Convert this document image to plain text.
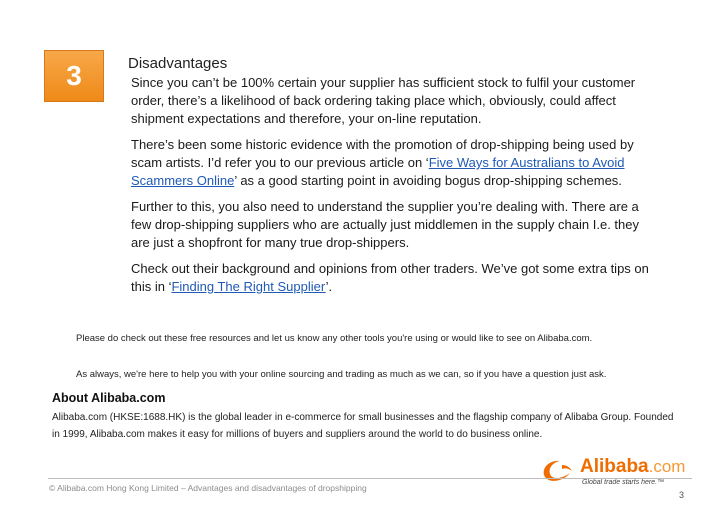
3	Disadvantages

Since you can’t be 100% certain your supplier has sufficient stock to fulfil your customer order, there’s a likelihood of back ordering taking place which, obviously, could affect shipment expectations and therefore, your on-line reputation.

There’s been some historic evidence with the promotion of drop-shipping being used by scam artists. I’d refer you to our previous article on ‘Five Ways for Australians to Avoid Scammers Online’ as a good starting point in avoiding bogus drop-shipping schemes.

Further to this, you also need to understand the supplier you’re dealing with. There are a few drop-shipping suppliers who are actually just middlemen in the supply chain I.e. they are just a shopfront for many true drop-shippers.

Check out their background and opinions from other traders. We’ve got some extra tips on this in ‘Finding The Right Supplier’.

Please do check out these free resources and let us know any other tools you're using or would like to see on Alibaba.com.
As always, we're here to help you with your online sourcing and trading as much as we can, so if you have a question just ask.
About Alibaba.com
Alibaba.com (HKSE:1688.HK) is the global leader in e-commerce for small businesses and the flagship company of Alibaba Group. Founded in 1999, Alibaba.com makes it easy for millions of buyers and suppliers around the world to do business online.
Alibaba.com
Global trade starts here.™
© Alibaba.com Hong Kong Limited – Advantages and disadvantages of dropshipping
3
